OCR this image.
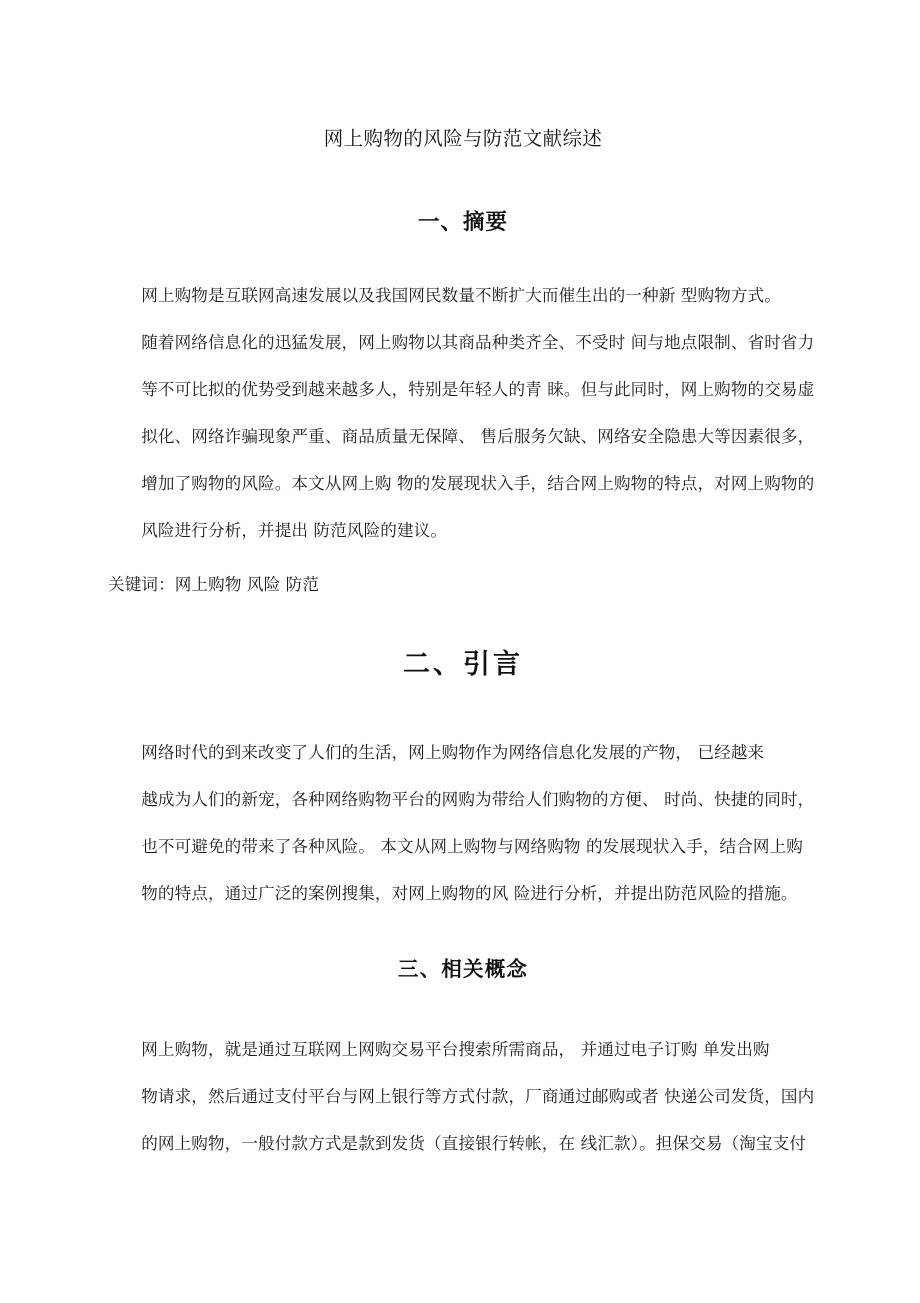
网上购物的风险与防范文献综述
一、摘要

网上购物是互联网高速发展以及我国网民数量不断扩大而催生出的一种新 型购物方式。
随着网络信息化的迅猛发展，网上购物以其商品种类齐全、不受时 间与地点限制、省时省力
等不可比拟的优势受到越来越多人，特别是年轻人的青 睐。但与此同时，网上购物的交易虚
拟化、网络诈骗现象严重、商品质量无保障、 售后服务欠缺、网络安全隐患大等因素很多，
增加了购物的风险。本文从网上购 物的发展现状入手，结合网上购物的特点，对网上购物的
风险进行分析，并提出 防范风险的建议。

关键词：网上购物 风险 防范

二、引言

网络时代的到来改变了人们的生活，网上购物作为网络信息化发展的产物， 已经越来
越成为人们的新宠，各种网络购物平台的网购为带给人们购物的方便、 时尚、快捷的同时，
也不可避免的带来了各种风险。 本文从网上购物与网络购物 的发展现状入手，结合网上购
物的特点，通过广泛的案例搜集，对网上购物的风 险进行分析，并提出防范风险的措施。

三、相关概念

网上购物，就是通过互联网上网购交易平台搜索所需商品， 并通过电子订购 单发出购
物请求，然后通过支付平台与网上银行等方式付款，厂商通过邮购或者 快递公司发货，国内
的网上购物，一般付款方式是款到发货（直接银行转帐，在 线汇款）。担保交易（淘宝支付
